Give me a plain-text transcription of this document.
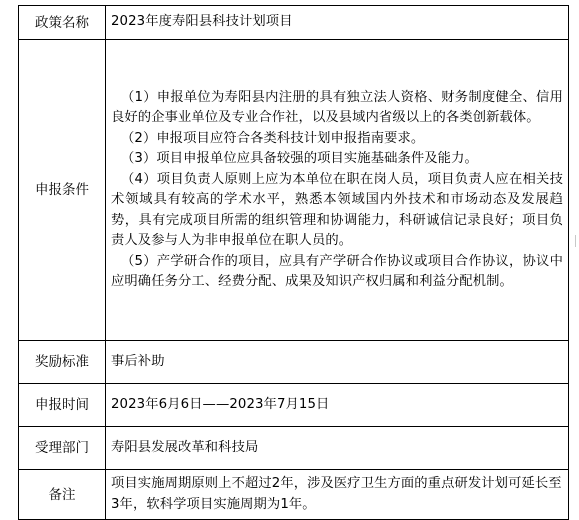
政策名称	2023年度寿阳县科技计划项目
申报条件	（1）申报单位为寿阳县内注册的具有独立法人资格、财务制度健全、信用良好的企事业单位及专业合作社，以及县域内省级以上的各类创新载体。
（2）申报项目应符合各类科技计划申报指南要求。
（3）项目申报单位应具备较强的项目实施基础条件及能力。
（4）项目负责人原则上应为本单位在职在岗人员，项目负责人应在相关技术领域具有较高的学术水平，熟悉本领域国内外技术和市场动态及发展趋势，具有完成项目所需的组织管理和协调能力，科研诚信记录良好；项目负责人及参与人为非申报单位在职人员的。
（5）产学研合作的项目，应具有产学研合作协议或项目合作协议，协议中应明确任务分工、经费分配、成果及知识产权归属和利益分配机制。

奖励标准	事后补助
申报时间	2023年6月6日——2023年7月15日
受理部门	寿阳县发展改革和科技局
备注	项目实施周期原则上不超过2年，涉及医疗卫生方面的重点研发计划可延长至3年，软科学项目实施周期为1年。
